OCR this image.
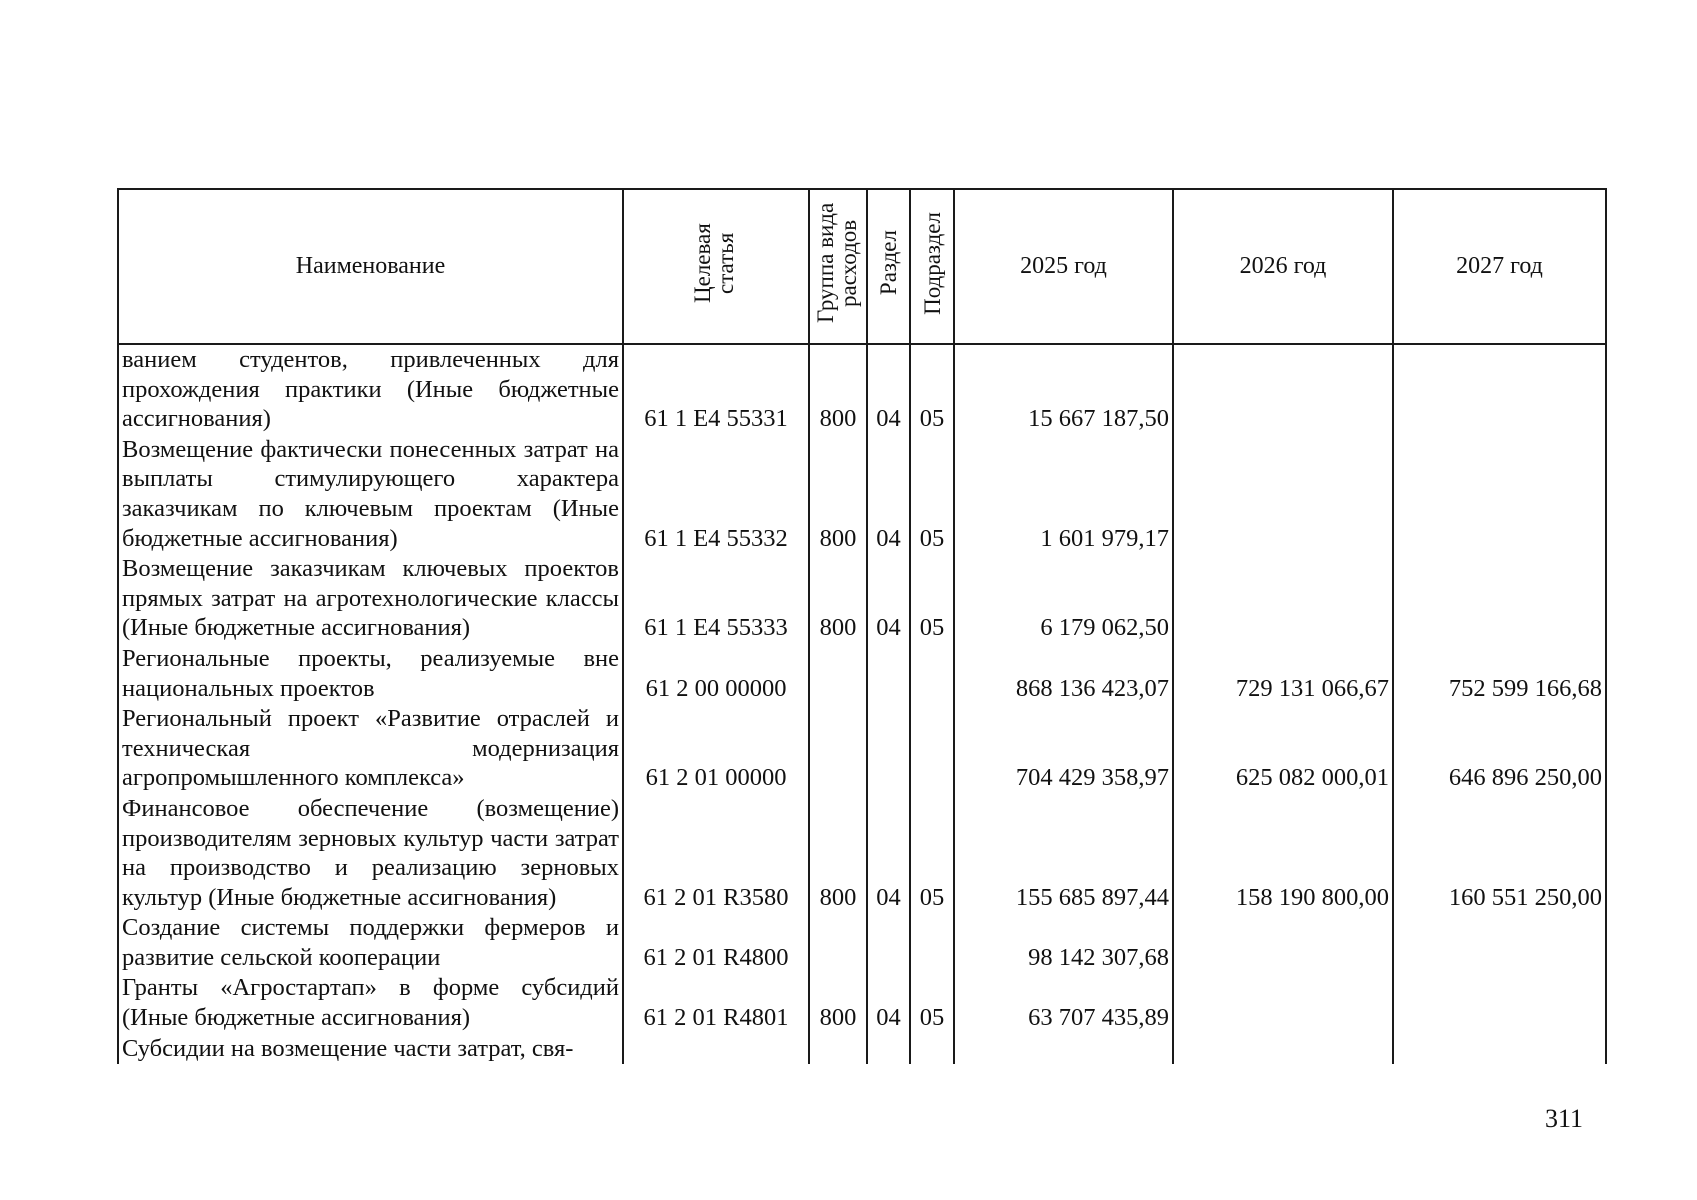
Наименование	Целевая статья	Группа вида расходов	Раздел	Подраздел	2025 год	2026 год	2027 год
ванием студентов, привлеченных для прохождения практики (Иные бюджетные ассигнования)	61 1 E4 55331	800	04	05	15 667 187,50		
Возмещение фактически понесенных затрат на выплаты стимулирующего характера заказчикам по ключевым проектам (Иные бюджетные ассигнования)	61 1 E4 55332	800	04	05	1 601 979,17		
Возмещение заказчикам ключевых проектов прямых затрат на агротехнологические классы (Иные бюджетные ассигнования)	61 1 E4 55333	800	04	05	6 179 062,50		
Региональные проекты, реализуемые вне национальных проектов	61 2 00 00000				868 136 423,07	729 131 066,67	752 599 166,68
Региональный проект «Развитие отраслей и техническая модернизация агропромышленного комплекса»	61 2 01 00000				704 429 358,97	625 082 000,01	646 896 250,00
Финансовое обеспечение (возмещение) производителям зерновых культур части затрат на производство и реализацию зерновых культур (Иные бюджетные ассигнования)	61 2 01 R3580	800	04	05	155 685 897,44	158 190 800,00	160 551 250,00
Создание системы поддержки фермеров и развитие сельской кооперации	61 2 01 R4800				98 142 307,68		
Гранты «Агростартап» в форме субсидий (Иные бюджетные ассигнования)	61 2 01 R4801	800	04	05	63 707 435,89		
Субсидии на возмещение части затрат, свя-							
311
